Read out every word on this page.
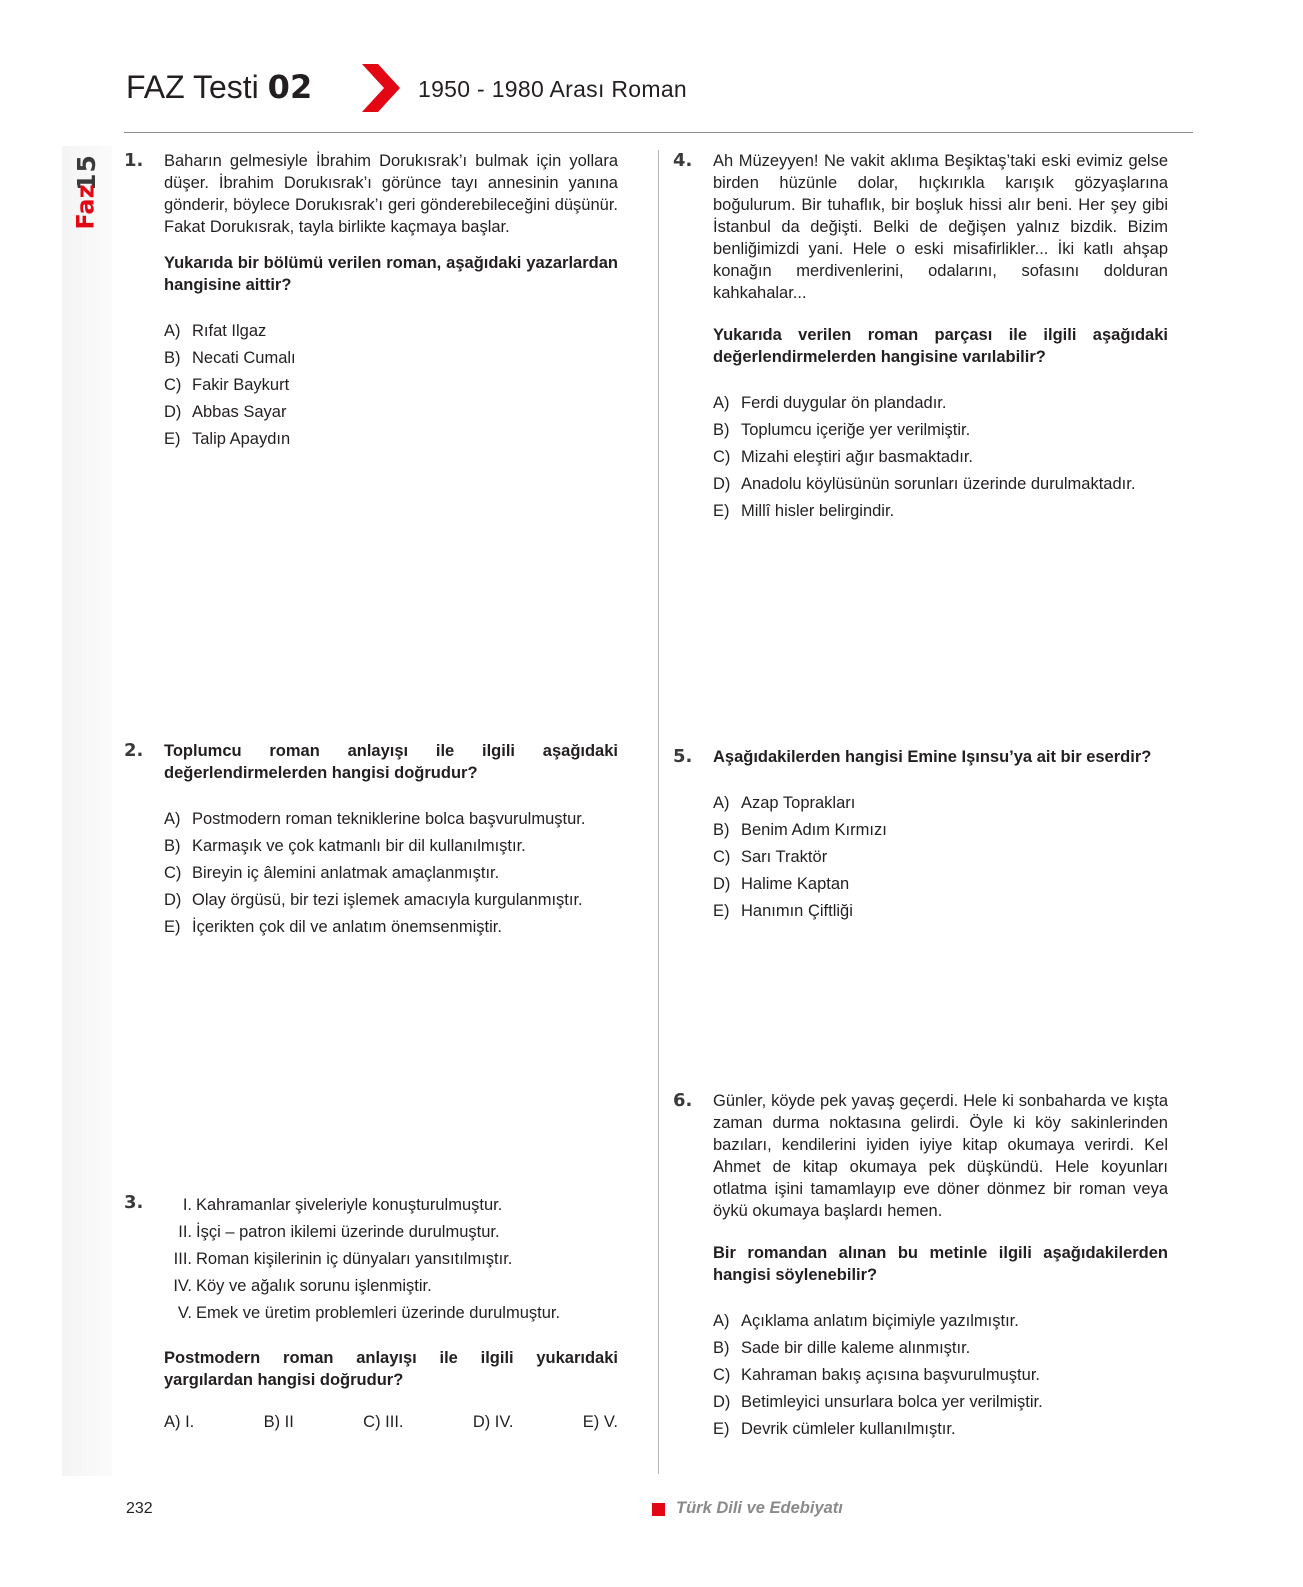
15
Faz
FAZ Testi 02	1950 - 1980 Arası Roman
1. Baharın gelmesiyle İbrahim Dorukısrak’ı bulmak için yollara düşer. İbrahim Dorukısrak’ı görünce tayı annesinin yanına gönderir, böylece Dorukısrak’ı geri gönderebileceğini düşünür. Fakat Dorukısrak, tayla birlikte kaçmaya başlar.

Yukarıda bir bölümü verilen roman, aşağıdaki yazarlardan hangisine aittir?

A) Rıfat Ilgaz
B) Necati Cumalı
C) Fakir Baykurt
D) Abbas Sayar
E) Talip Apaydın
2. Toplumcu roman anlayışı ile ilgili aşağıdaki değerlendirmelerden hangisi doğrudur?

A) Postmodern roman tekniklerine bolca başvurulmuştur.
B) Karmaşık ve çok katmanlı bir dil kullanılmıştır.
C) Bireyin iç âlemini anlatmak amaçlanmıştır.
D) Olay örgüsü, bir tezi işlemek amacıyla kurgulanmıştır.
E) İçerikten çok dil ve anlatım önemsenmiştir.
3.	I. Kahramanlar şiveleriyle konuşturulmuştur.
II. İşçi – patron ikilemi üzerinde durulmuştur.
III. Roman kişilerinin iç dünyaları yansıtılmıştır.
IV. Köy ve ağalık sorunu işlenmiştir.
V. Emek ve üretim problemleri üzerinde durulmuştur.

Postmodern roman anlayışı ile ilgili yukarıdaki yargılardan hangisi doğrudur?

A) I.	B) II	C) III.	D) IV.	E) V.
4. Ah Müzeyyen! Ne vakit aklıma Beşiktaş’taki eski evimiz gelse birden hüzünle dolar, hıçkırıkla karışık gözyaşlarına boğulurum. Bir tuhaflık, bir boşluk hissi alır beni. Her şey gibi İstanbul da değişti. Belki de değişen yalnız bizdik. Bizim benliğimizdi yani. Hele o eski misafirlikler... İki katlı ahşap konağın merdivenlerini, odalarını, sofasını dolduran kahkahalar...

Yukarıda verilen roman parçası ile ilgili aşağıdaki değerlendirmelerden hangisine varılabilir?

A) Ferdi duygular ön plandadır.
B) Toplumcu içeriğe yer verilmiştir.
C) Mizahi eleştiri ağır basmaktadır.
D) Anadolu köylüsünün sorunları üzerinde durulmaktadır.
E) Millî hisler belirgindir.
5. Aşağıdakilerden hangisi Emine Işınsu’ya ait bir eserdir?

A) Azap Toprakları
B) Benim Adım Kırmızı
C) Sarı Traktör
D) Halime Kaptan
E) Hanımın Çiftliği
6. Günler, köyde pek yavaş geçerdi. Hele ki sonbaharda ve kışta zaman durma noktasına gelirdi. Öyle ki köy sakinlerinden bazıları, kendilerini iyiden iyiye kitap okumaya verirdi. Kel Ahmet de kitap okumaya pek düşkündü. Hele koyunları otlatma işini tamamlayıp eve döner dönmez bir roman veya öykü okumaya başlardı hemen.

Bir romandan alınan bu metinle ilgili aşağıdakilerden hangisi söylenebilir?

A) Açıklama anlatım biçimiyle yazılmıştır.
B) Sade bir dille kaleme alınmıştır.
C) Kahraman bakış açısına başvurulmuştur.
D) Betimleyici unsurlara bolca yer verilmiştir.
E) Devrik cümleler kullanılmıştır.
232	Türk Dili ve Edebiyatı
